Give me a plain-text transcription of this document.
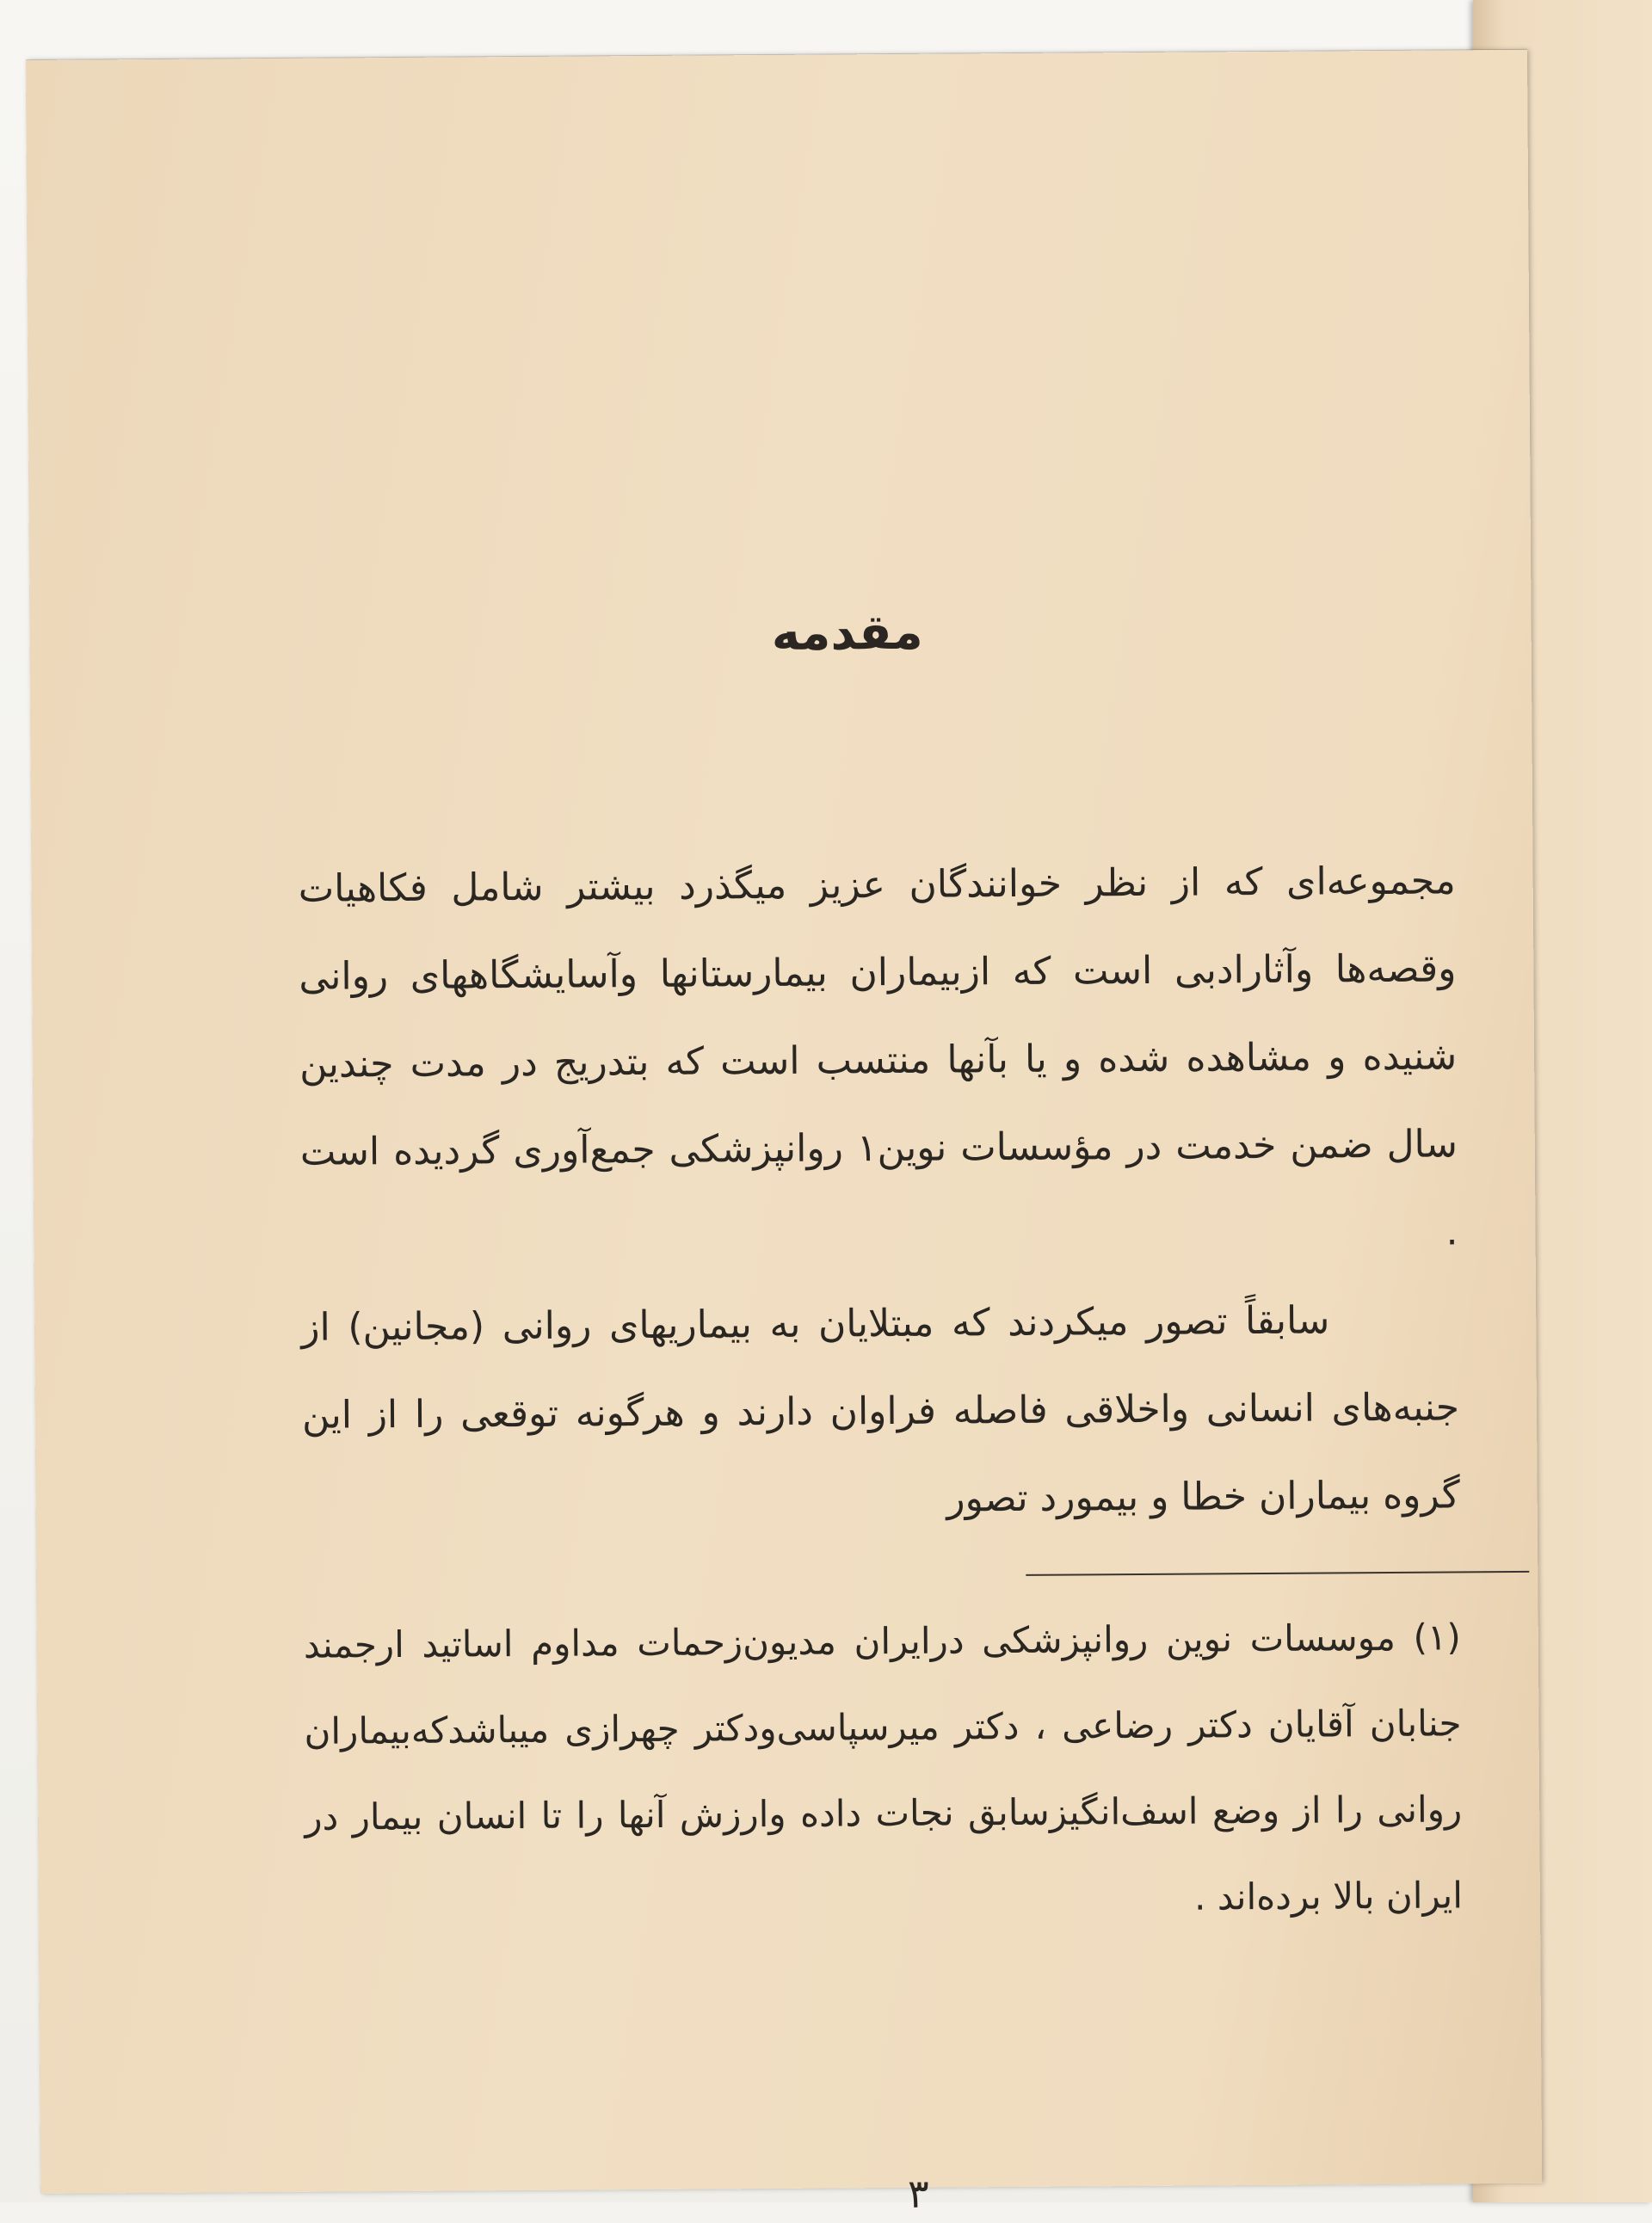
مقدمه
مجموعه‌ای که از نظر خوانندگان عزیز میگذرد بیشتر شامل فکاهیات وقصه‌ها وآثارادبی است که ازبیماران بیمارستانها وآسایشگاههای روانی شنیده و مشاهده شده و یا بآنها منتسب است که بتدریج در مدت چندین سال ضمن خدمت در مؤسسات نوین۱ روانپزشکی جمع‌آوری گردیده است .
سابقاً تصور میکردند که مبتلایان به بیماریهای روانی (مجانین) از جنبه‌های انسانی واخلاقی فاصله فراوان دارند و هرگونه توقعی را از این گروه بیماران خطا و بیمورد تصور
(۱) موسسات نوین روانپزشکی درایران مدیون‌زحمات مداوم اساتید ارجمند جنابان آقایان دکتر رضاعی ، دکتر میرسپاسی‌ودکتر چهرازی میباشدکه‌بیماران روانی را از وضع اسف‌انگیزسابق نجات داده وارزش آنها را تا انسان بیمار در ایران بالا برده‌اند .
۳
